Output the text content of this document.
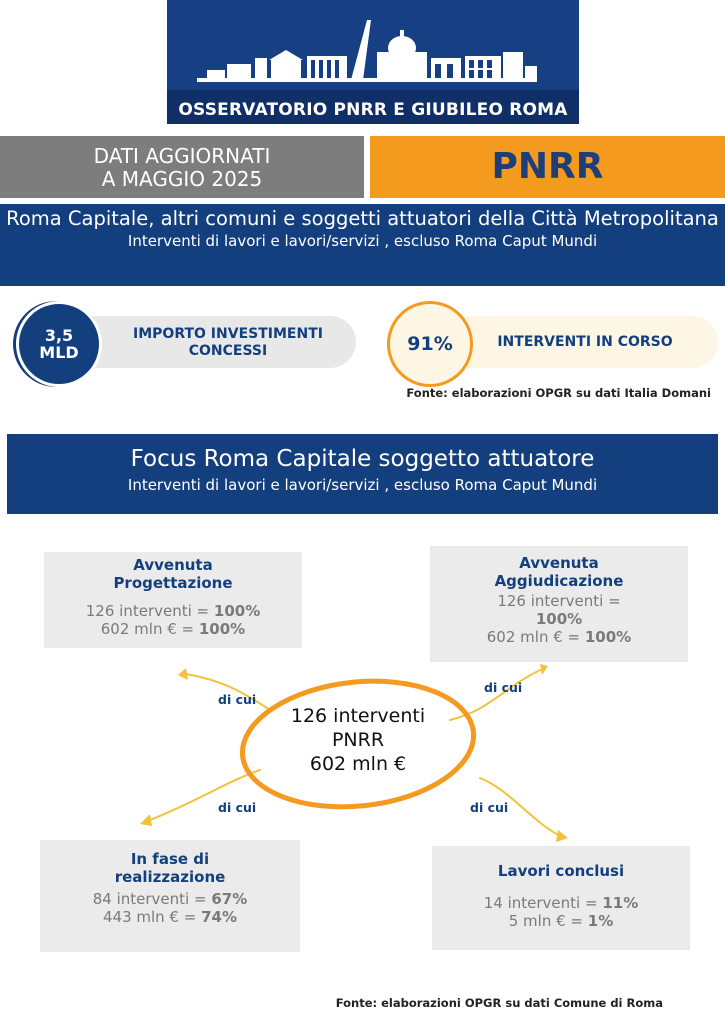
OSSERVATORIO PNRR E GIUBILEO ROMA
DATI AGGIORNATI
A MAGGIO 2025	PNRR
Roma Capitale, altri comuni e soggetti attuatori della Città Metropolitana
Interventi di lavori e lavori/servizi , escluso Roma Caput Mundi
3,5
MLD
IMPORTO INVESTIMENTI CONCESSI	91%	INTERVENTI IN CORSO
Fonte: elaborazioni OPGR su dati Italia Domani
Focus Roma Capitale soggetto attuatore
Interventi di lavori e lavori/servizi , escluso Roma Caput Mundi
di cui
di cui
di cui	di cui
126 interventi
PNRR
602 mln €
Avvenuta
Progettazione
126 interventi = 100%
602 mln € = 100%
Avvenuta
Aggiudicazione
126 interventi =
100%
602 mln € = 100%
In fase di
realizzazione
84 interventi = 67%
443 mln € = 74%
Lavori conclusi
14 interventi = 11%
5 mln € = 1%
Fonte: elaborazioni OPGR su dati Comune di Roma
